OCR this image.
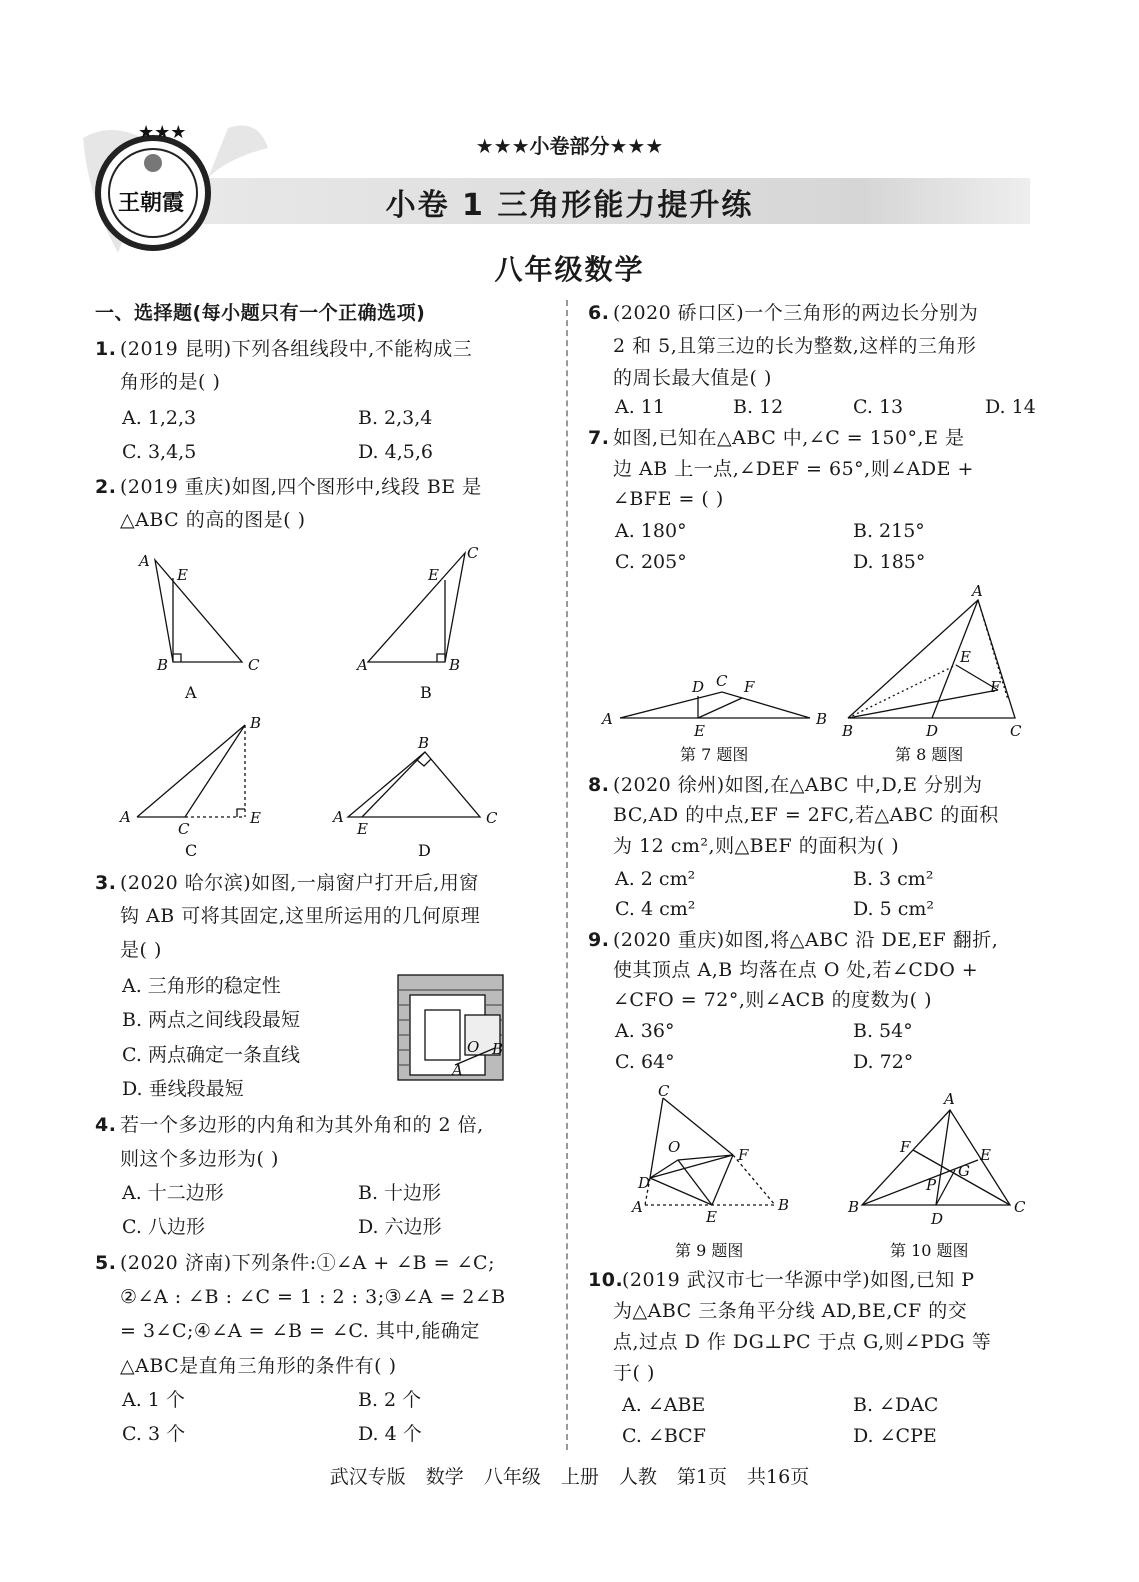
王朝霞
★★★
★★★小卷部分★★★
小卷 1 三角形能力提升练
八年级数学
一、选择题(每小题只有一个正确选项)
1. (2019 昆明)下列各组线段中,不能构成三
角形的是( )
A. 1,2,3	B. 2,3,4
C. 3,4,5	D. 4,5,6
2. (2019 重庆)如图,四个图形中,线段 BE 是
△ABC 的高的图是( )
3. (2020 哈尔滨)如图,一扇窗户打开后,用窗
钩 AB 可将其固定,这里所运用的几何原理
是( )
A. 三角形的稳定性
B. 两点之间线段最短
C. 两点确定一条直线
D. 垂线段最短
4. 若一个多边形的内角和为其外角和的 2 倍,
则这个多边形为( )
A. 十二边形	B. 十边形
C. 八边形	D. 六边形
5. (2020 济南)下列条件:①∠A + ∠B = ∠C;
②∠A : ∠B : ∠C = 1 : 2 : 3;③∠A = 2∠B
= 3∠C;④∠A = ∠B = ∠C. 其中,能确定
△ABC是直角三角形的条件有( )
A. 1 个	B. 2 个
C. 3 个	D. 4 个
6. (2020 硚口区)一个三角形的两边长分别为
2 和 5,且第三边的长为整数,这样的三角形
的周长最大值是( )
A. 11	B. 12	C. 13	D. 14
7. 如图,已知在△ABC 中,∠C = 150°,E 是
边 AB 上一点,∠DEF = 65°,则∠ADE +
∠BFE = ( )
A. 180°	B. 215°
C. 205°	D. 185°
8. (2020 徐州)如图,在△ABC 中,D,E 分别为
BC,AD 的中点,EF = 2FC,若△ABC 的面积
为 12 cm²,则△BEF 的面积为( )
A. 2 cm²	B. 3 cm²
C. 4 cm²	D. 5 cm²
9. (2020 重庆)如图,将△ABC 沿 DE,EF 翻折,
使其顶点 A,B 均落在点 O 处,若∠CDO +
∠CFO = 72°,则∠ACB 的度数为( )
A. 36°	B. 54°
C. 64°	D. 72°
10.
(2019 武汉市七一华源中学)如图,已知 P
为△ABC 三条角平分线 AD,BE,CF 的交
点,过点 D 作 DG⊥PC 于点 G,则∠PDG 等
于( )
A. ∠ABE	B. ∠DAC
C. ∠BCF	D. ∠CPE
武汉专版 数学 八年级 上册 人教 第1页 共16页
A
E
B	C
A
A	B
C
E
B
A
C
E
B
C
A
E
B
C
D
O B
A
A
D C F
E
B
第 7 题图
A
E
F
B	D	C
第 8 题图
C
O	F
D
A
E
B
第 9 题图
A
F	E
G
P
B
D
C
第 10 题图
